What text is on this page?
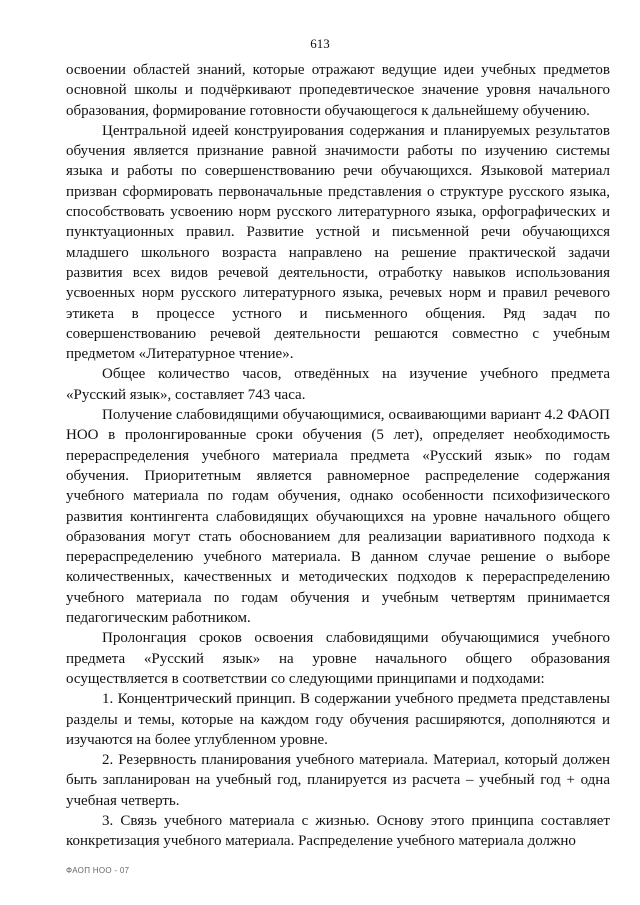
613

освоении областей знаний, которые отражают ведущие идеи учебных предметов основной школы и подчёркивают пропедевтическое значение уровня начального образования, формирование готовности обучающегося к дальнейшему обучению.

Центральной идеей конструирования содержания и планируемых результатов обучения является признание равной значимости работы по изучению системы языка и работы по совершенствованию речи обучающихся. Языковой материал призван сформировать первоначальные представления о структуре русского языка, способствовать усвоению норм русского литературного языка, орфографических и пунктуационных правил. Развитие устной и письменной речи обучающихся младшего школьного возраста направлено на решение практической задачи развития всех видов речевой деятельности, отработку навыков использования усвоенных норм русского литературного языка, речевых норм и правил речевого этикета в процессе устного и письменного общения. Ряд задач по совершенствованию речевой деятельности решаются совместно с учебным предметом «Литературное чтение».

Общее количество часов, отведённых на изучение учебного предмета «Русский язык», составляет 743 часа.

Получение слабовидящими обучающимися, осваивающими вариант 4.2 ФАОП НОО в пролонгированные сроки обучения (5 лет), определяет необходимость перераспределения учебного материала предмета «Русский язык» по годам обучения. Приоритетным является равномерное распределение содержания учебного материала по годам обучения, однако особенности психофизического развития контингента слабовидящих обучающихся на уровне начального общего образования могут стать обоснованием для реализации вариативного подхода к перераспределению учебного материала. В данном случае решение о выборе количественных, качественных и методических подходов к перераспределению учебного материала по годам обучения и учебным четвертям принимается педагогическим работником.

Пролонгация сроков освоения слабовидящими обучающимися учебного предмета «Русский язык» на уровне начального общего образования осуществляется в соответствии со следующими принципами и подходами:

1. Концентрический принцип. В содержании учебного предмета представлены разделы и темы, которые на каждом году обучения расширяются, дополняются и изучаются на более углубленном уровне.

2. Резервность планирования учебного материала. Материал, который должен быть запланирован на учебный год, планируется из расчета – учебный год + одна учебная четверть.

3. Связь учебного материала с жизнью. Основу этого принципа составляет конкретизация учебного материала. Распределение учебного материала должно

ФАОП НОО - 07
